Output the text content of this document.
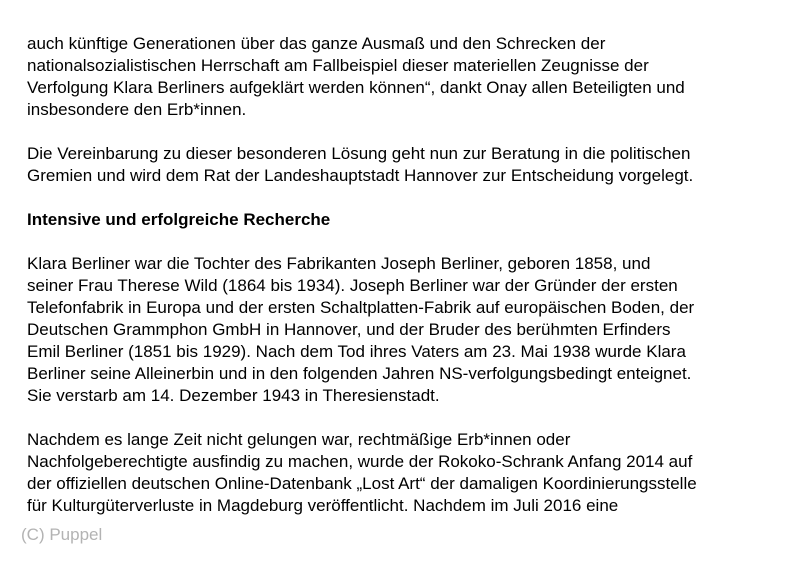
auch künftige Generationen über das ganze Ausmaß und den Schrecken der
nationalsozialistischen Herrschaft am Fallbeispiel dieser materiellen Zeugnisse der
Verfolgung Klara Berliners aufgeklärt werden können“, dankt Onay allen Beteiligten und
insbesondere den Erb*innen.
Die Vereinbarung zu dieser besonderen Lösung geht nun zur Beratung in die politischen
Gremien und wird dem Rat der Landeshauptstadt Hannover zur Entscheidung vorgelegt.
Intensive und erfolgreiche Recherche
Klara Berliner war die Tochter des Fabrikanten Joseph Berliner, geboren 1858, und
seiner Frau Therese Wild (1864 bis 1934). Joseph Berliner war der Gründer der ersten
Telefonfabrik in Europa und der ersten Schaltplatten-Fabrik auf europäischen Boden, der
Deutschen Grammphon GmbH in Hannover, und der Bruder des berühmten Erfinders
Emil Berliner (1851 bis 1929). Nach dem Tod ihres Vaters am 23. Mai 1938 wurde Klara
Berliner seine Alleinerbin und in den folgenden Jahren NS-verfolgungsbedingt enteignet.
Sie verstarb am 14. Dezember 1943 in Theresienstadt.
Nachdem es lange Zeit nicht gelungen war, rechtmäßige Erb*innen oder
Nachfolgeberechtigte ausfindig zu machen, wurde der Rokoko-Schrank Anfang 2014 auf
der offiziellen deutschen Online-Datenbank „Lost Art“ der damaligen Koordinierungsstelle
für Kulturgüterverluste in Magdeburg veröffentlicht. Nachdem im Juli 2016 eine
(C) Puppel
